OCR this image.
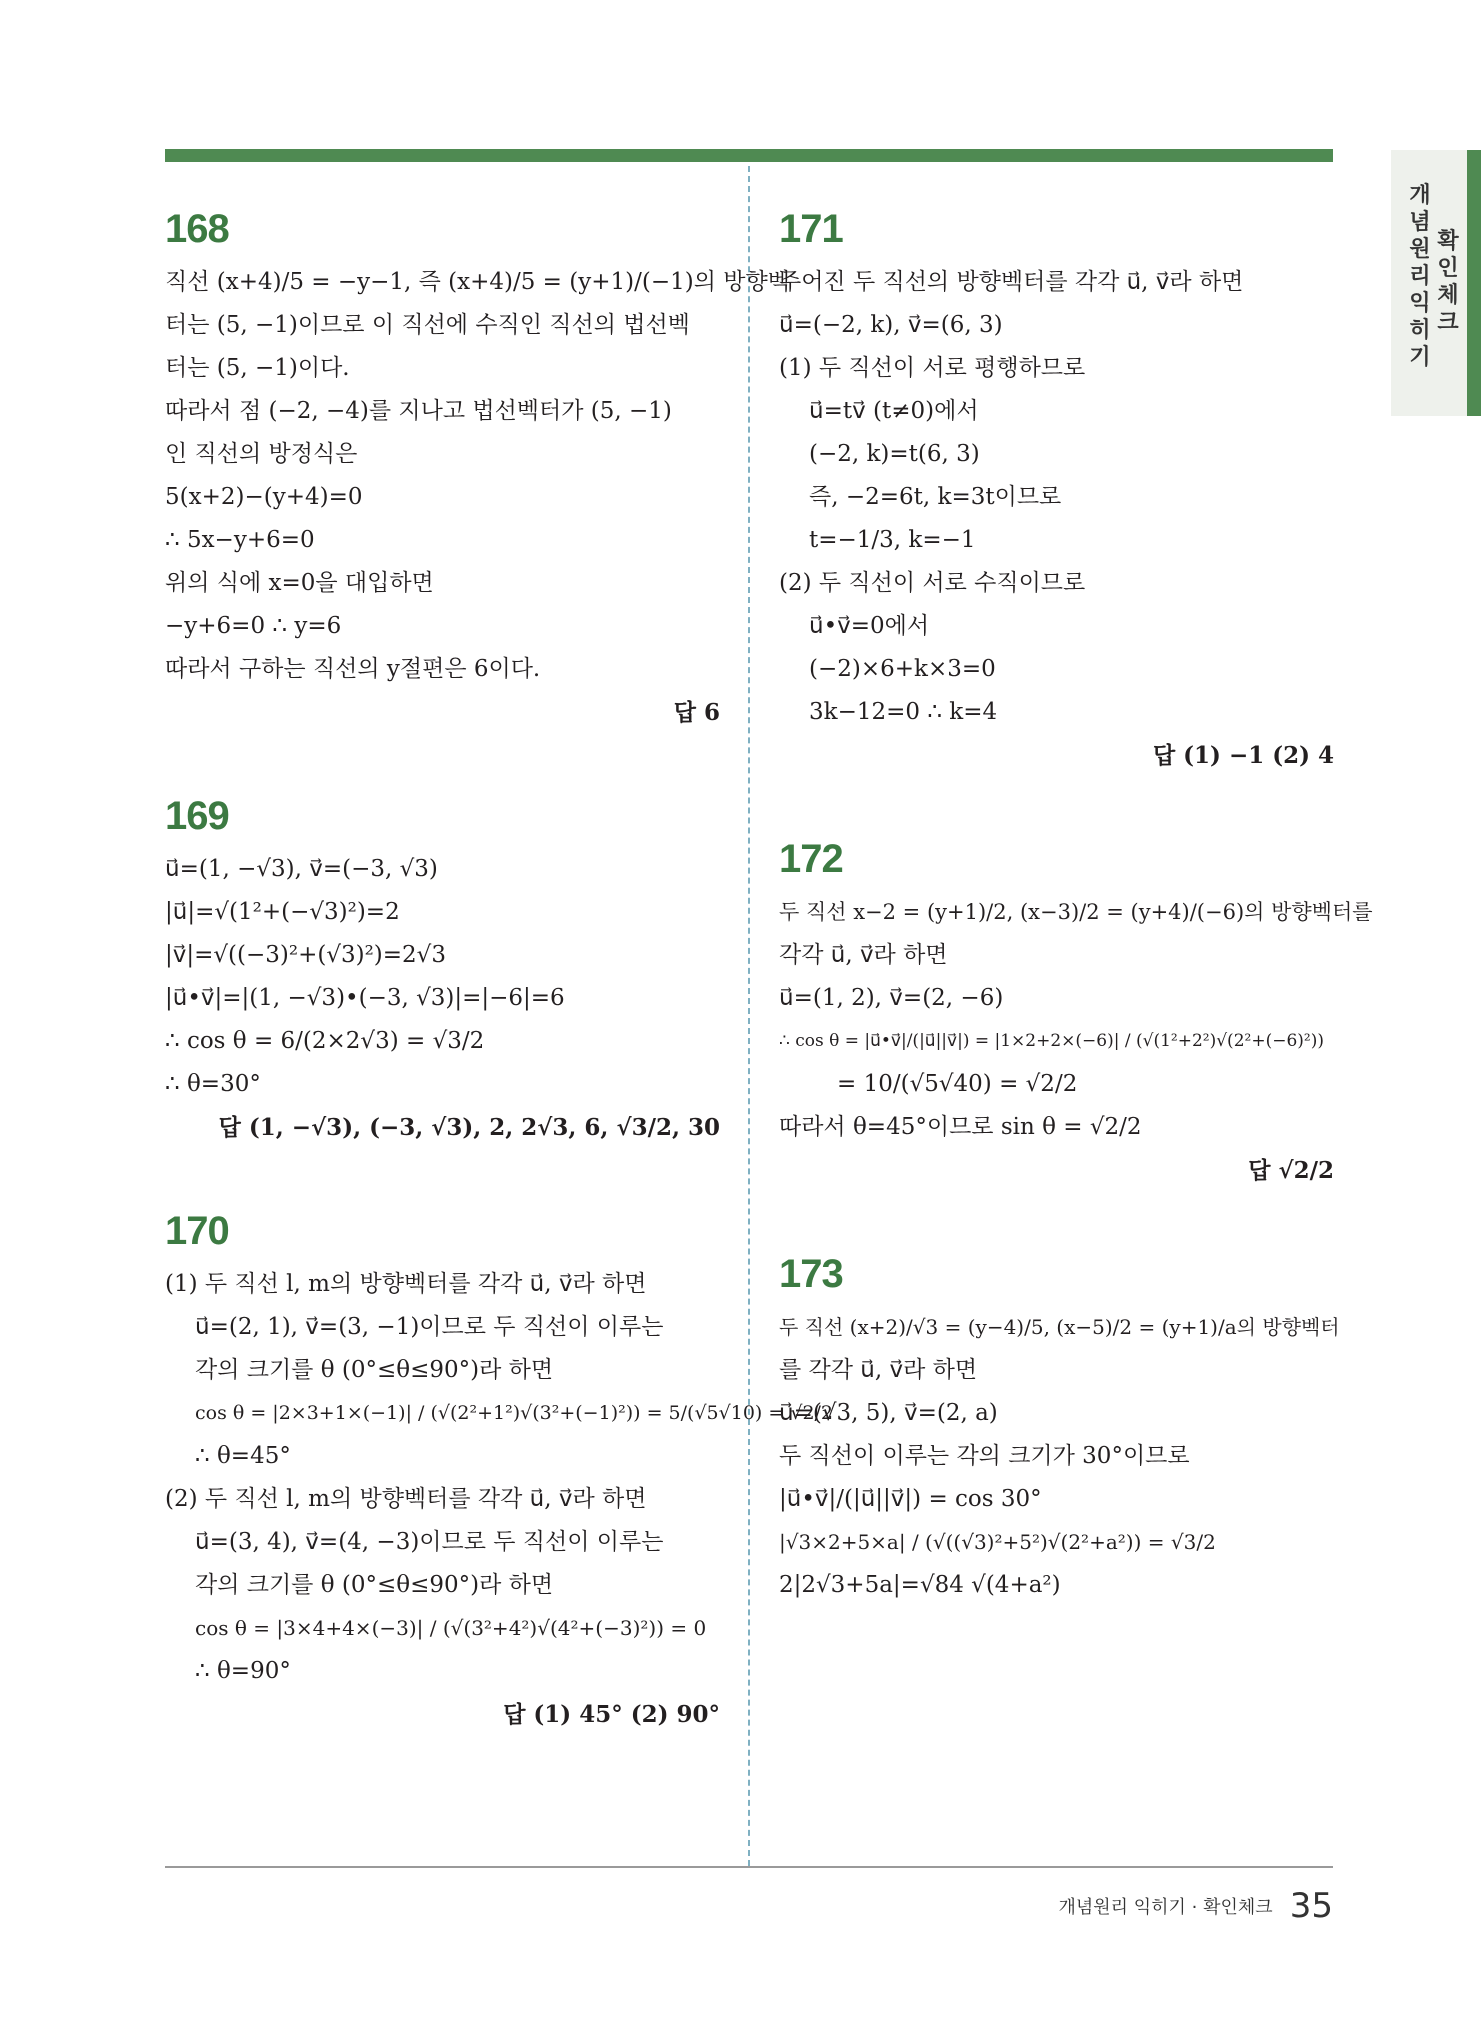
개념원리 익히기
확인체크
168
직선 (x+4)/5 = −y−1, 즉 (x+4)/5 = (y+1)/(−1)의 방향벡
터는 (5, −1)이므로 이 직선에 수직인 직선의 법선벡
터는 (5, −1)이다.
따라서 점 (−2, −4)를 지나고 법선벡터가 (5, −1)
인 직선의 방정식은
5(x+2)−(y+4)=0
∴ 5x−y+6=0
위의 식에 x=0을 대입하면
−y+6=0 ∴ y=6
따라서 구하는 직선의 y절편은 6이다.
답 6
169
u⃗=(1, −√3), v⃗=(−3, √3)
|u⃗|=√(1²+(−√3)²)=2
|v⃗|=√((−3)²+(√3)²)=2√3
|u⃗•v⃗|=|(1, −√3)•(−3, √3)|=|−6|=6
∴ cos θ = 6/(2×2√3) = √3/2
∴ θ=30°
답 (1, −√3), (−3, √3), 2, 2√3, 6, √3/2, 30
170
(1) 두 직선 l, m의 방향벡터를 각각 u⃗, v⃗라 하면
u⃗=(2, 1), v⃗=(3, −1)이므로 두 직선이 이루는
각의 크기를 θ (0°≤θ≤90°)라 하면
cos θ = |2×3+1×(−1)| / (√(2²+1²)√(3²+(−1)²)) = 5/(√5√10) = √2/2
∴ θ=45°
(2) 두 직선 l, m의 방향벡터를 각각 u⃗, v⃗라 하면
u⃗=(3, 4), v⃗=(4, −3)이므로 두 직선이 이루는
각의 크기를 θ (0°≤θ≤90°)라 하면
cos θ = |3×4+4×(−3)| / (√(3²+4²)√(4²+(−3)²)) = 0
∴ θ=90°
답 (1) 45° (2) 90°
171
주어진 두 직선의 방향벡터를 각각 u⃗, v⃗라 하면
u⃗=(−2, k), v⃗=(6, 3)
(1) 두 직선이 서로 평행하므로
u⃗=tv⃗ (t≠0)에서
(−2, k)=t(6, 3)
즉, −2=6t, k=3t이므로
t=−1/3, k=−1
(2) 두 직선이 서로 수직이므로
u⃗•v⃗=0에서
(−2)×6+k×3=0
3k−12=0 ∴ k=4
답 (1) −1 (2) 4
172
두 직선 x−2 = (y+1)/2, (x−3)/2 = (y+4)/(−6)의 방향벡터를
각각 u⃗, v⃗라 하면
u⃗=(1, 2), v⃗=(2, −6)
∴ cos θ = |u⃗•v⃗|/(|u⃗||v⃗|) = |1×2+2×(−6)| / (√(1²+2²)√(2²+(−6)²))
= 10/(√5√40) = √2/2
따라서 θ=45°이므로 sin θ = √2/2
답 √2/2
173
두 직선 (x+2)/√3 = (y−4)/5, (x−5)/2 = (y+1)/a의 방향벡터
를 각각 u⃗, v⃗라 하면
u⃗=(√3, 5), v⃗=(2, a)
두 직선이 이루는 각의 크기가 30°이므로
|u⃗•v⃗|/(|u⃗||v⃗|) = cos 30°
|√3×2+5×a| / (√((√3)²+5²)√(2²+a²)) = √3/2
2|2√3+5a|=√84 √(4+a²)
개념원리 익히기 · 확인체크 35
